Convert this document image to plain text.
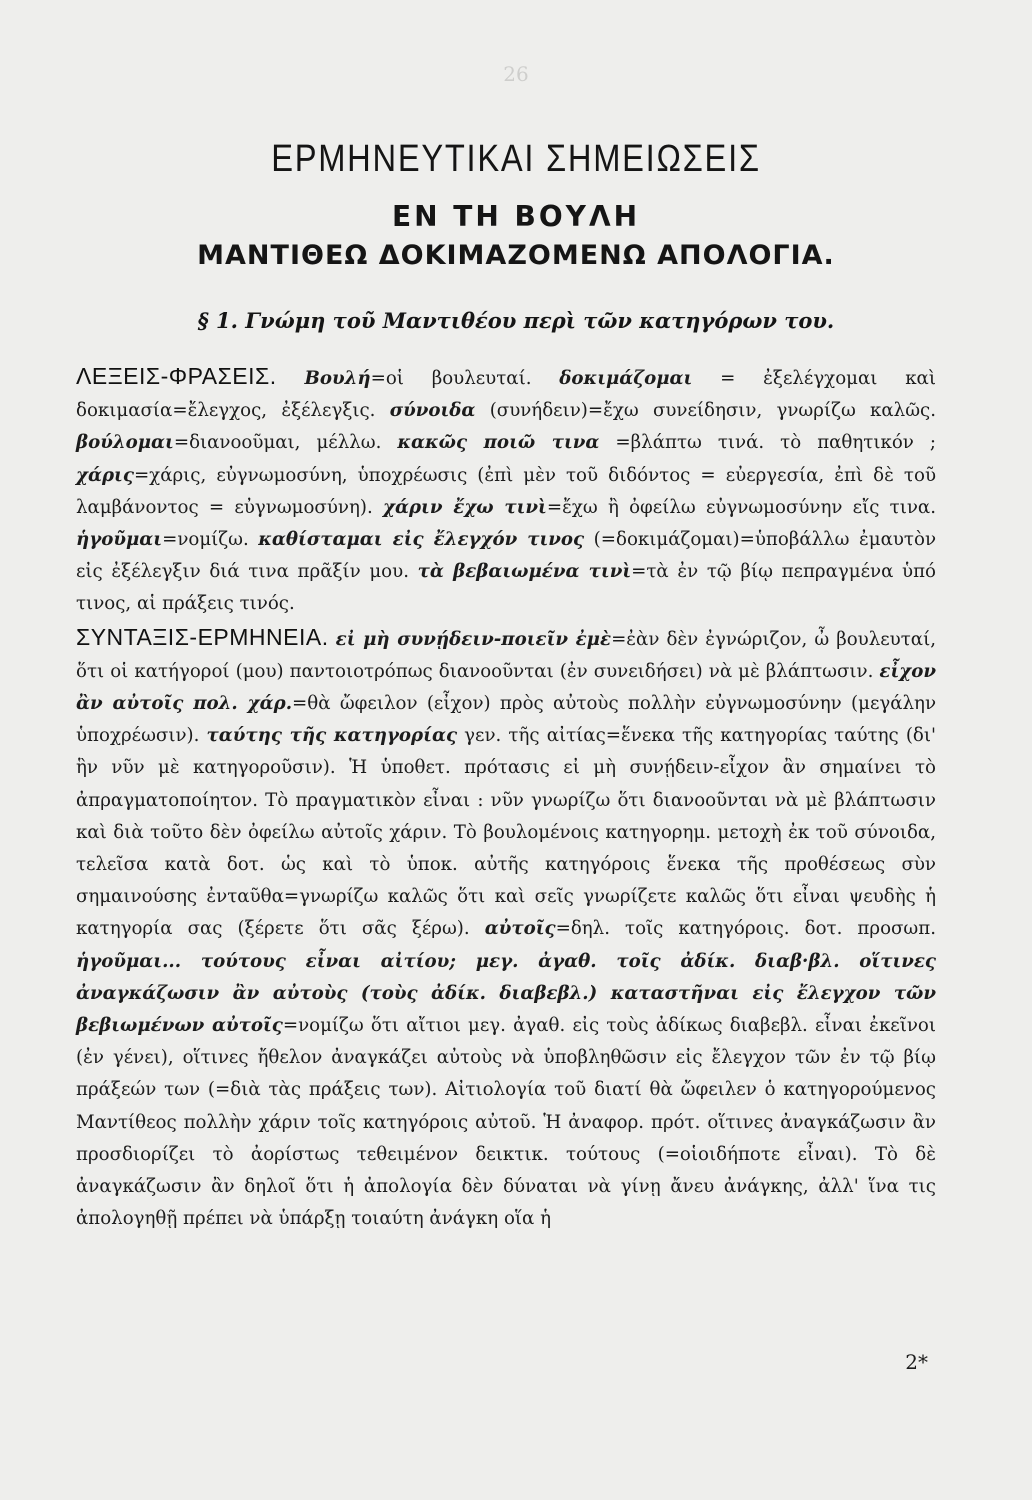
26
ΕΡΜΗΝΕΥΤΙΚΑΙ ΣΗΜΕΙΩΣΕΙΣ
ΕΝ ΤΗ ΒΟΥΛΗ
ΜΑΝΤΙΘΕΩ ΔΟΚΙΜΑΖΟΜΕΝΩ ΑΠΟΛΟΓΙΑ.
§ 1. Γνώμη τοῦ Μαντιθέου περὶ τῶν κατηγόρων του.
ΛΕΞΕΙΣ-ΦΡΑΣΕΙΣ. Βουλή=οἱ βουλευταί. δοκιμάζομαι = ἐξελέγχομαι καὶ δοκιμασία=ἔλεγχος, ἐξέλεγξις. σύνοιδα (συνήδειν)=ἔχω συνείδησιν, γνωρίζω καλῶς. βούλομαι=διανοοῦμαι, μέλλω. κακῶς ποιῶ τινα =βλάπτω τινά. τὸ παθητικόν ; χάρις=χάρις, εὐγνωμοσύνη, ὑποχρέωσις (ἐπὶ μὲν τοῦ διδόντος = εὐεργεσία, ἐπὶ δὲ τοῦ λαμβάνοντος = εὐγνωμοσύνη). χάριν ἔχω τινὶ=ἔχω ἢ ὀφείλω εὐγνωμοσύνην εἴς τινα. ἡγοῦμαι=νομίζω. καθίσταμαι εἰς ἔλεγχόν τινος (=δοκιμάζομαι)=ὑποβάλλω ἐμαυτὸν εἰς ἐξέλεγξιν διά τινα πρᾶξίν μου. τὰ βεβαιωμένα τινὶ=τὰ ἐν τῷ βίῳ πεπραγμένα ὑπό τινος, αἱ πράξεις τινός.
ΣΥΝΤΑΞΙΣ-ΕΡΜΗΝΕΙΑ. εἰ μὴ συνῄδειν-ποιεῖν ἐμὲ=ἐὰν δὲν ἐγνώριζον, ὦ βουλευταί, ὅτι οἱ κατήγοροί (μου) παντοιοτρόπως διανοοῦνται (ἐν συνειδήσει) νὰ μὲ βλάπτωσιν. εἶχον ἂν αὐτοῖς πολ. χάρ.=θὰ ὤφειλον (εἶχον) πρὸς αὐτοὺς πολλὴν εὐγνωμοσύνην (μεγάλην ὑποχρέωσιν). ταύτης τῆς κατηγορίας γεν. τῆς αἰτίας=ἕνεκα τῆς κατηγορίας ταύτης (δι' ἣν νῦν μὲ κατηγοροῦσιν). Ἡ ὑποθετ. πρότασις εἰ μὴ συνῄδειν-εἶχον ἂν σημαίνει τὸ ἀπραγματοποίητον. Τὸ πραγματικὸν εἶναι : νῦν γνωρίζω ὅτι διανοοῦνται νὰ μὲ βλάπτωσιν καὶ διὰ τοῦτο δὲν ὀφείλω αὐτοῖς χάριν. Τὸ βουλομένοις κατηγορημ. μετοχὴ ἐκ τοῦ σύνοιδα, τελεῖσα κατὰ δοτ. ὡς καὶ τὸ ὑποκ. αὐτῆς κατηγόροις ἕνεκα τῆς προθέσεως σὺν σημαινούσης ἐνταῦθα=γνωρίζω καλῶς ὅτι καὶ σεῖς γνωρίζετε καλῶς ὅτι εἶναι ψευδὴς ἡ κατηγορία σας (ξέρετε ὅτι σᾶς ξέρω). αὐτοῖς=δηλ. τοῖς κατηγόροις. δοτ. προσωπ. ἡγοῦμαι... τούτους εἶναι αἰτίου; μεγ. ἀγαθ. τοῖς ἀδίκ. διαβ·βλ. οἵτινες ἀναγκάζωσιν ἂν αὐτοὺς (τοὺς ἀδίκ. διαβεβλ.) καταστῆναι εἰς ἔλεγχον τῶν βεβιωμένων αὐτοῖς=νομίζω ὅτι αἴτιοι μεγ. ἀγαθ. εἰς τοὺς ἀδίκως διαβεβλ. εἶναι ἐκεῖνοι (ἐν γένει), οἵτινες ἤθελον ἀναγκάζει αὐτοὺς νὰ ὑποβληθῶσιν εἰς ἔλεγχον τῶν ἐν τῷ βίῳ πράξεών των (=διὰ τὰς πράξεις των). Αἰτιολογία τοῦ διατί θὰ ὤφειλεν ὁ κατηγορούμενος Μαντίθεος πολλὴν χάριν τοῖς κατηγόροις αὐτοῦ. Ἡ ἀναφορ. πρότ. οἵτινες ἀναγκάζωσιν ἂν προσδιορίζει τὸ ἀορίστως τεθειμένον δεικτικ. τούτους (=οἱοιδήποτε εἶναι). Τὸ δὲ ἀναγκάζωσιν ἂν δηλοῖ ὅτι ἡ ἀπολογία δὲν δύναται νὰ γίνῃ ἄνευ ἀνάγκης, ἀλλ' ἵνα τις ἀπολογηθῇ πρέπει νὰ ὑπάρξῃ τοιαύτη ἀνάγκη οἵα ἡ
2*
